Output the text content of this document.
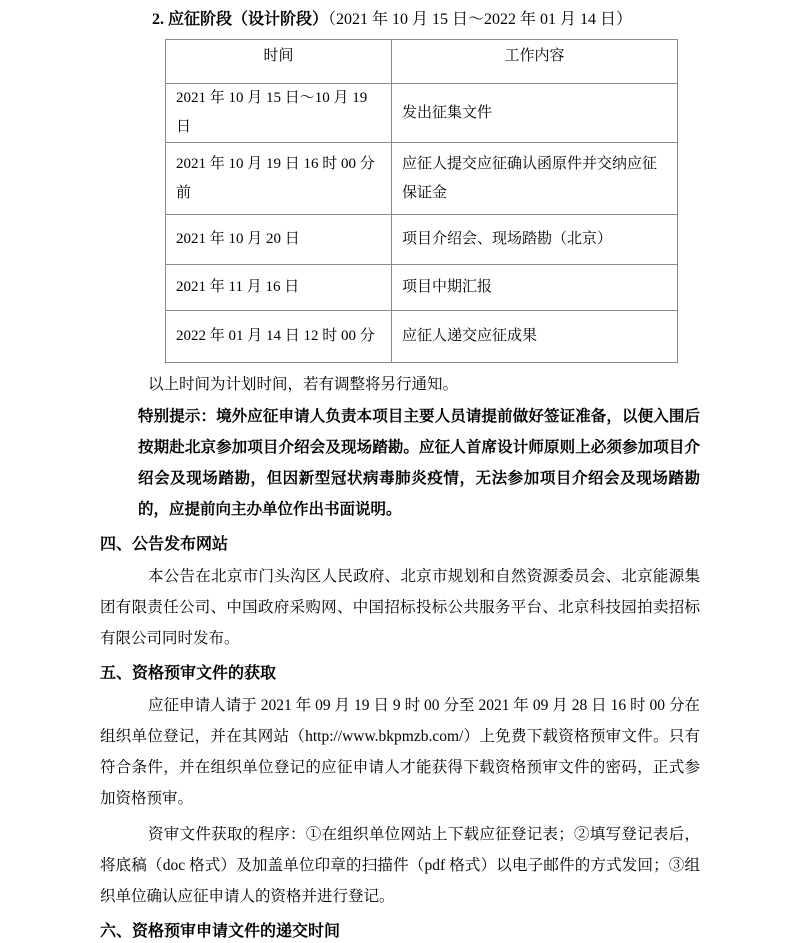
2. 应征阶段（设计阶段）（2021 年 10 月 15 日～2022 年 01 月 14 日）
时间	工作内容
2021 年 10 月 15 日～10 月 19 日	发出征集文件
2021 年 10 月 19 日 16 时 00 分前	应征人提交应征确认函原件并交纳应征保证金
2021 年 10 月 20 日	项目介绍会、现场踏勘（北京）
2021 年 11 月 16 日	项目中期汇报
2022 年 01 月 14 日 12 时 00 分	应征人递交应征成果

以上时间为计划时间，若有调整将另行通知。

特别提示：境外应征申请人负责本项目主要人员请提前做好签证准备，以便入围后按期赴北京参加项目介绍会及现场踏勘。应征人首席设计师原则上必须参加项目介绍会及现场踏勘，但因新型冠状病毒肺炎疫情，无法参加项目介绍会及现场踏勘的，应提前向主办单位作出书面说明。

四、公告发布网站

本公告在北京市门头沟区人民政府、北京市规划和自然资源委员会、北京能源集团有限责任公司、中国政府采购网、中国招标投标公共服务平台、北京科技园拍卖招标有限公司同时发布。

五、资格预审文件的获取

应征申请人请于 2021 年 09 月 19 日 9 时 00 分至 2021 年 09 月 28 日 16 时 00 分在组织单位登记，并在其网站（http://www.bkpmzb.com/）上免费下载资格预审文件。只有符合条件，并在组织单位登记的应征申请人才能获得下载资格预审文件的密码，正式参加资格预审。

资审文件获取的程序：①在组织单位网站上下载应征登记表；②填写登记表后，将底稿（doc 格式）及加盖单位印章的扫描件（pdf 格式）以电子邮件的方式发回；③组织单位确认应征申请人的资格并进行登记。

六、资格预审申请文件的递交时间
